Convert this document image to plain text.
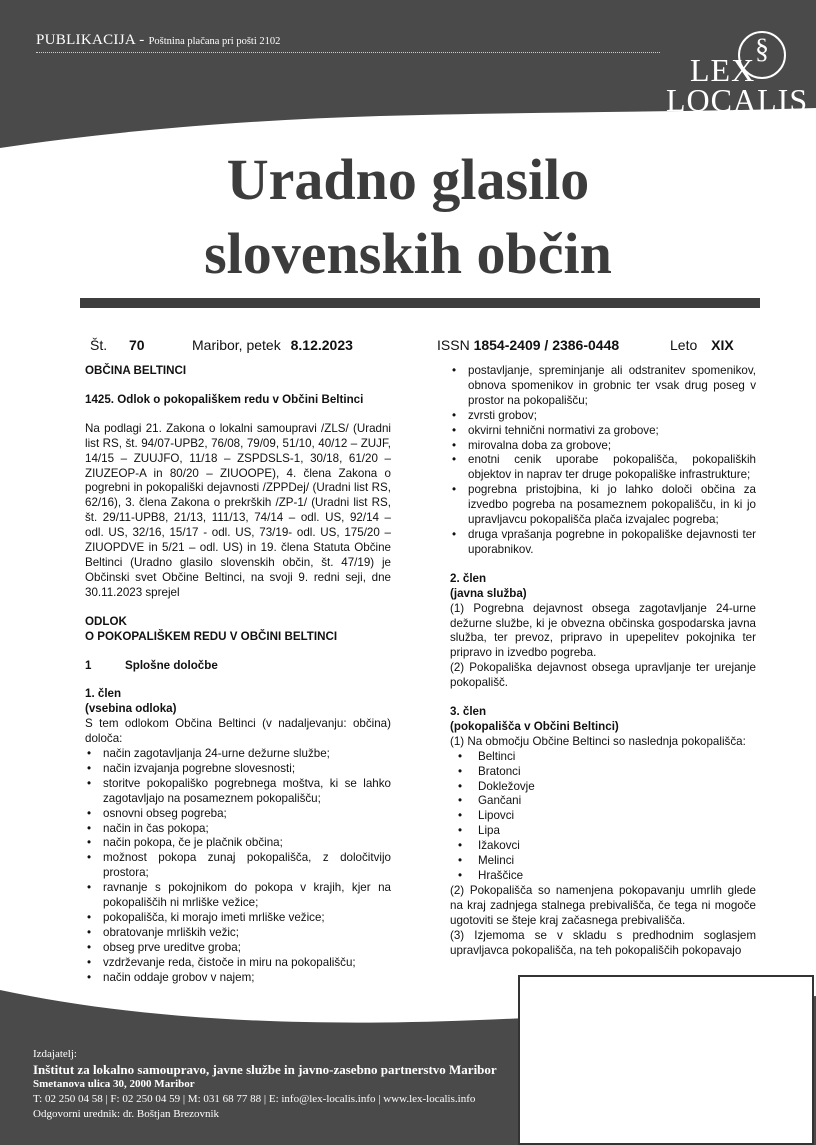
PUBLIKACIJA - Poštnina plačana pri pošti 2102	§
LEX
LOCALIS
Uradno glasilo
slovenskih občin
Št. 70	Maribor, petek 8.12.2023	ISSN 1854-2409 / 2386-0448	Leto XIX

OBČINA BELTINCI

1425. Odlok o pokopališkem redu v Občini Beltinci

Na podlagi 21. Zakona o lokalni samoupravi /ZLS/ (Uradni list RS, št. 94/07-UPB2, 76/08, 79/09, 51/10, 40/12 – ZUJF, 14/15 – ZUUJFO, 11/18 – ZSPDSLS-1, 30/18, 61/20 – ZIUZEOP-A in 80/20 – ZIUOOPE), 4. člena Zakona o pogrebni in pokopališki dejavnosti /ZPPDej/ (Uradni list RS, 62/16), 3. člena Zakona o prekrških /ZP-1/ (Uradni list RS, št. 29/11-UPB8, 21/13, 111/13, 74/14 – odl. US, 92/14 – odl. US, 32/16, 15/17 - odl. US, 73/19- odl. US, 175/20 – ZIUOPDVE in 5/21 – odl. US) in 19. člena Statuta Občine Beltinci (Uradno glasilo slovenskih občin, št. 47/19) je Občinski svet Občine Beltinci, na svoji 9. redni seji, dne 30.11.2023 sprejel

ODLOK

O POKOPALIŠKEM REDU V OBČINI BELTINCI

1	Splošne določbe

1. člen

(vsebina odloka)

S tem odlokom Občina Beltinci (v nadaljevanju: občina) določa:

• način zagotavljanja 24-urne dežurne službe;
• način izvajanja pogrebne slovesnosti;
• storitve pokopališko pogrebnega moštva, ki se lahko zagotavljajo na posameznem pokopališču;
• osnovni obseg pogreba;
• način in čas pokopa;
• način pokopa, če je plačnik občina;
• možnost pokopa zunaj pokopališča, z določitvijo prostora;
• ravnanje s pokojnikom do pokopa v krajih, kjer na pokopališčih ni mrliške vežice;
• pokopališča, ki morajo imeti mrliške vežice;
• obratovanje mrliških vežic;
• obseg prve ureditve groba;
• vzdrževanje reda, čistoče in miru na pokopališču;
• način oddaje grobov v najem;
• postavljanje, spreminjanje ali odstranitev spomenikov, obnova spomenikov in grobnic ter vsak drug poseg v prostor na pokopališču;
• zvrsti grobov;
• okvirni tehnični normativi za grobove;
• mirovalna doba za grobove;
• enotni cenik uporabe pokopališča, pokopaliških objektov in naprav ter druge pokopališke infrastrukture;
• pogrebna pristojbina, ki jo lahko določi občina za izvedbo pogreba na posameznem pokopališču, in ki jo upravljavcu pokopališča plača izvajalec pogreba;
• druga vprašanja pogrebne in pokopališke dejavnosti ter uporabnikov.

2. člen

(javna služba)

(1) Pogrebna dejavnost obsega zagotavljanje 24-urne dežurne službe, ki je obvezna občinska gospodarska javna služba, ter prevoz, pripravo in upepelitev pokojnika ter pripravo in izvedbo pogreba.

(2) Pokopališka dejavnost obsega upravljanje ter urejanje pokopališč.

3. člen

(pokopališča v Občini Beltinci)

(1) Na območju Občine Beltinci so naslednja pokopališča:

• Beltinci
• Bratonci
• Dokležovje
• Gančani
• Lipovci
• Lipa
• Ižakovci
• Melinci
• Hraščice

(2) Pokopališča so namenjena pokopavanju umrlih glede na kraj zadnjega stalnega prebivališča, če tega ni mogoče ugotoviti se šteje kraj začasnega prebivališča.

(3) Izjemoma se v skladu s predhodnim soglasjem upravljavca pokopališča, na teh pokopališčih pokopavajo

Izdajatelj:
Inštitut za lokalno samoupravo, javne službe in javno-zasebno partnerstvo Maribor
Smetanova ulica 30, 2000 Maribor
T: 02 250 04 58 | F: 02 250 04 59 | M: 031 68 77 88 | E: info@lex-localis.info | www.lex-localis.info
Odgovorni urednik: dr. Boštjan Brezovnik
